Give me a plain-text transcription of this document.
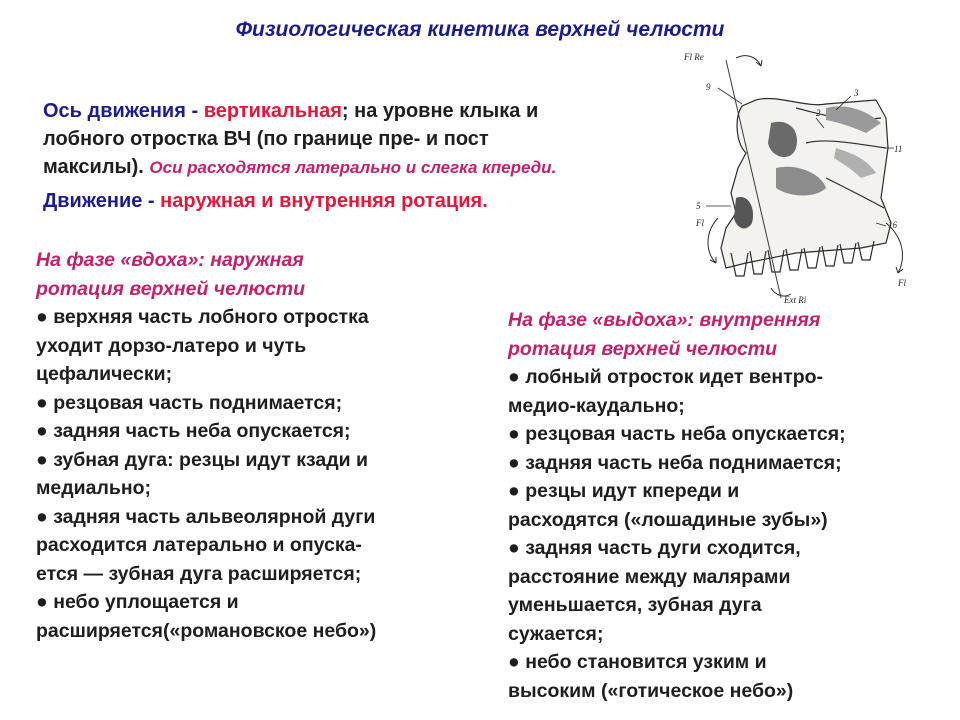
Физиологическая кинетика верхней челюсти
Ось движения - вертикальная; на уровне клыка и
лобного отростка ВЧ (по границе пре- и пост
максилы). Оси расходятся латерально и слегка кпереди.
Движение - наружная и внутренняя ротация.
На фазе «вдоха»: наружная
ротация верхней челюсти
● верхняя часть лобного отростка
уходит дорзо-латеро и чуть
цефалически;
● резцовая часть поднимается;
● задняя часть неба опускается;
● зубная дуга: резцы идут кзади и
медиально;
● задняя часть альвеолярной дуги
расходится латерально и опуска-
ется — зубная дуга расширяется;
● небо уплощается и
расширяется(«романовское небо»)
На фазе «выдоха»: внутренняя
ротация верхней челюсти
● лобный отросток идет вентро-
медио-каудально;
● резцовая часть неба опускается;
● задняя часть неба поднимается;
● резцы идут кпереди и
расходятся («лошадиные зубы»)
● задняя часть дуги сходится,
расстояние между малярами
уменьшается, зубная дуга
сужается;
● небо становится узким и
высоким («готическое небо»)
Fl Re
9
3
2
11
5
16
Fl
Fl
Ext Ri
